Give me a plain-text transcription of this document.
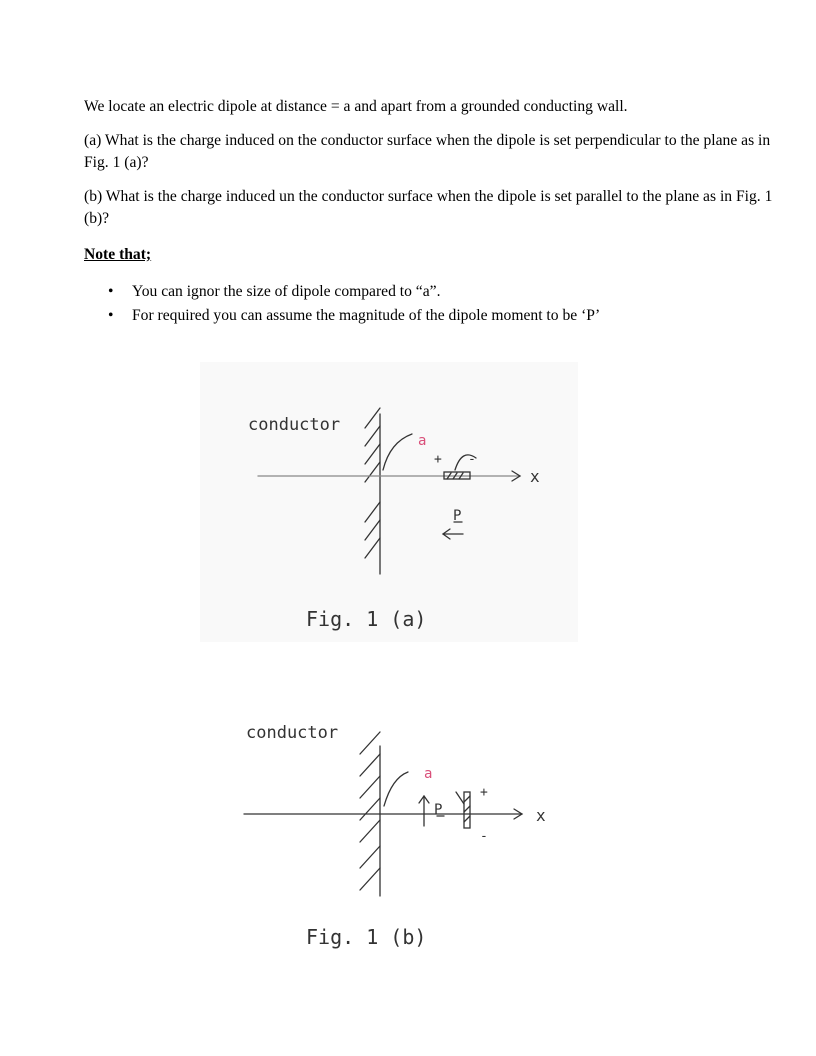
We locate an electric dipole at distance = a and apart from a grounded conducting wall.
(a) What is the charge induced on the conductor surface when the dipole is set perpendicular to the plane as in Fig. 1 (a)?
(b) What is the charge induced un the conductor surface when the dipole is set parallel to the plane as in Fig. 1 (b)?
Note that;
• You can ignor the size of dipole compared to “a”.
• For required you can assume the magnitude of the dipole moment to be ‘P’
conductor
a
+ -
x
P
Fig. 1 (a)
conductor
a
+
-
x
P
Fig. 1 (b)
